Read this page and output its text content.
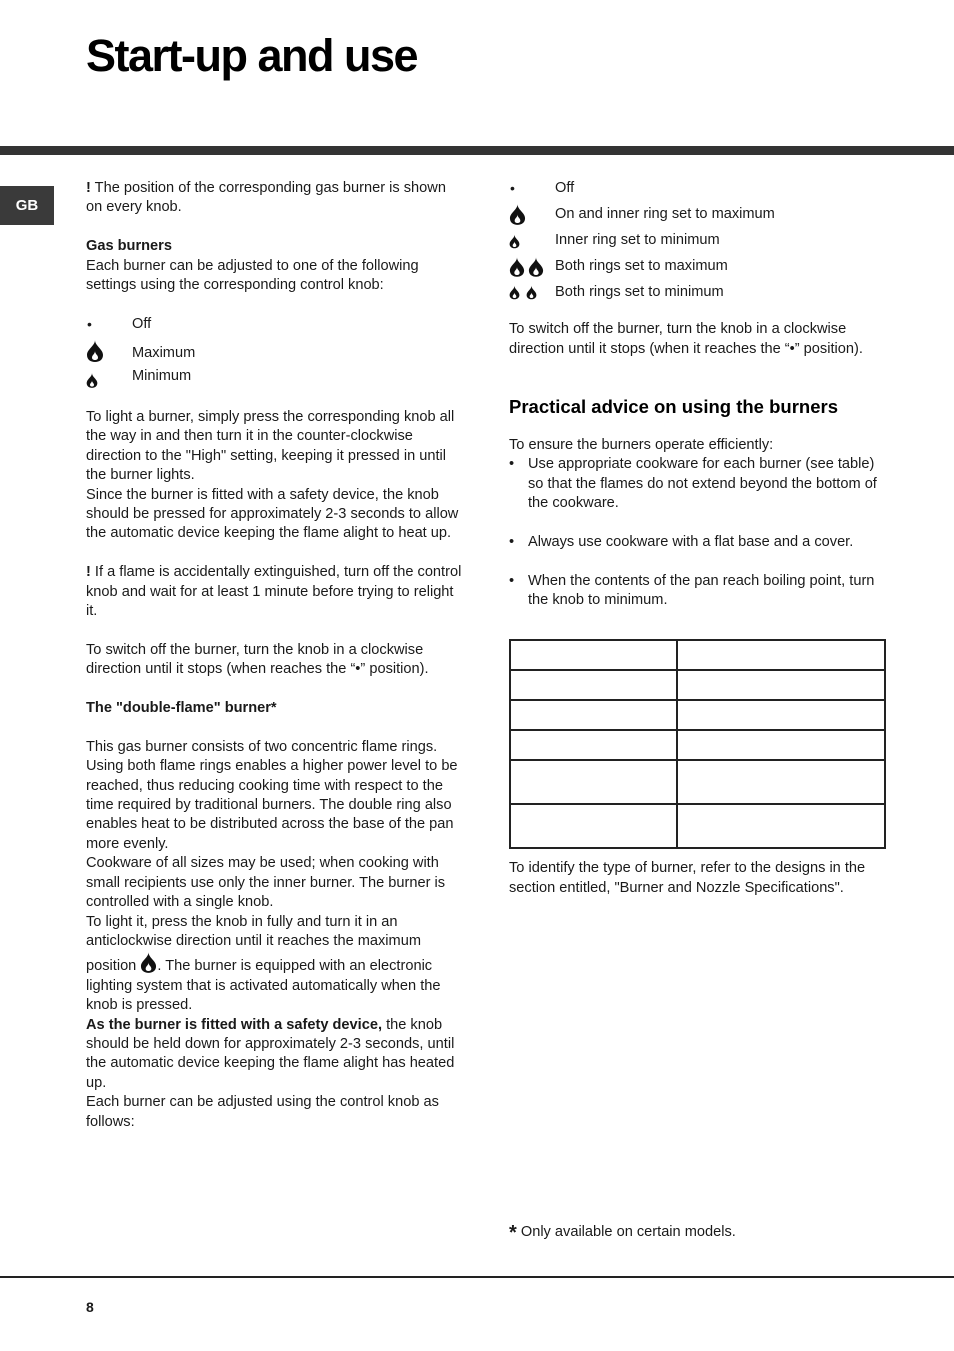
Start-up and use
GB

! The position of the corresponding gas burner is shown on every knob.

Gas burners

Each burner can be adjusted to one of the following settings using the corresponding control knob:

•	Off
Maximum
Minimum

To light a burner, simply press the corresponding knob all the way in and then turn it in the counter-clockwise direction to the "High" setting, keeping it pressed in until the burner lights.

Since the burner is fitted with a safety device, the knob should be pressed for approximately 2-3 seconds to allow the automatic device keeping the flame alight to heat up.

! If a flame is accidentally extinguished, turn off the control knob and wait for at least 1 minute before trying to relight it.

To switch off the burner, turn the knob in a clockwise direction until it stops (when reaches the “•” position).

The "double-flame" burner*

This gas burner consists of two concentric flame rings. Using both flame rings enables a higher power level to be reached, thus reducing cooking time with respect to the time required by traditional burners. The double ring also enables heat to be distributed across the base of the pan more evenly.

Cookware of all sizes may be used; when cooking with small recipients use only the inner burner. The burner is controlled with a single knob.

To light it, press the knob in fully and turn it in an anticlockwise direction until it reaches the maximum position . The burner is equipped with an electronic lighting system that is activated automatically when the knob is pressed.

As the burner is fitted with a safety device, the knob should be held down for approximately 2-3 seconds, until the automatic device keeping the flame alight has heated up.

Each burner can be adjusted using the control knob as follows:

•	Off
On and inner ring set to maximum
Inner ring set to minimum
Both rings set to maximum
Both rings set to minimum

To switch off the burner, turn the knob in a clockwise direction until it stops (when it reaches the “•” position).

Practical advice on using the burners

To ensure the burners operate efficiently:

• Use appropriate cookware for each burner (see table) so that the flames do not extend beyond the bottom of the cookware.
• Always use cookware with a flat base and a cover.
• When the contents of the pan reach boiling point, turn the knob to minimum.

To identify the type of burner, refer to the designs in the section entitled, "Burner and Nozzle Specifications".

* Only available on certain models.
8
